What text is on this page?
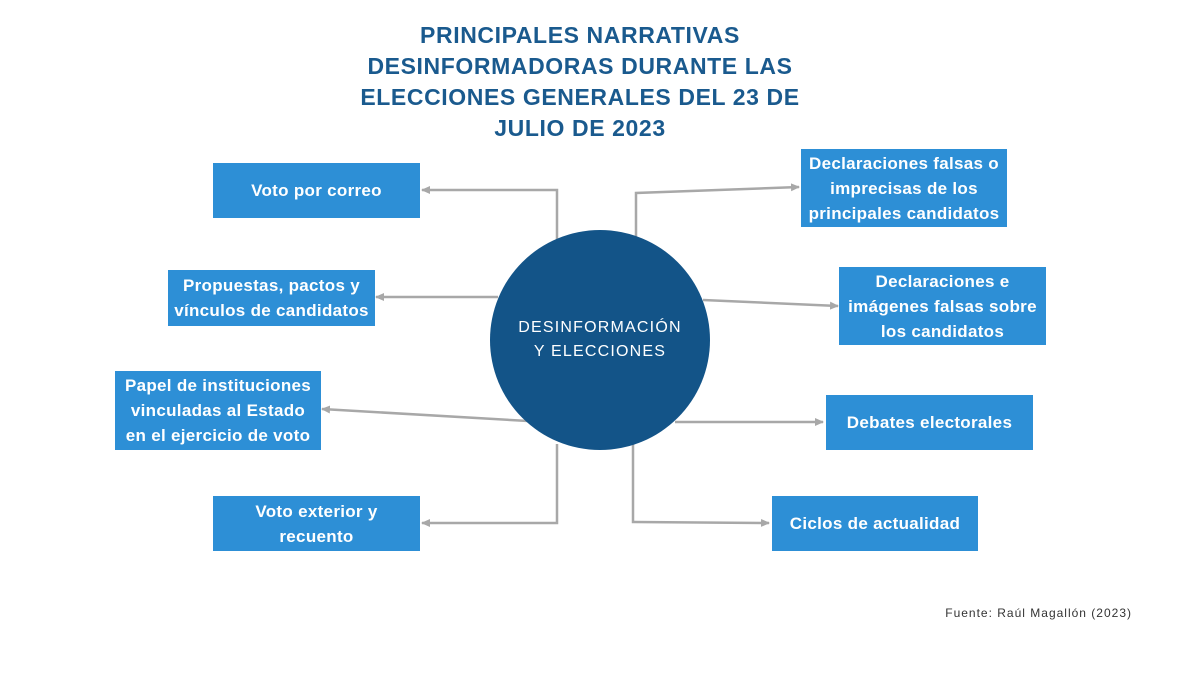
PRINCIPALES NARRATIVAS DESINFORMADORAS DURANTE LAS ELECCIONES GENERALES DEL 23 DE JULIO DE 2023
DESINFORMACIÓN Y ELECCIONES
Voto por correo
Propuestas, pactos y vínculos de candidatos
Papel de instituciones vinculadas al Estado en el ejercicio de voto
Voto exterior y recuento
Declaraciones falsas o imprecisas de los principales candidatos
Declaraciones e imágenes falsas sobre los candidatos
Debates electorales
Ciclos de actualidad
Fuente: Raúl Magallón (2023)
